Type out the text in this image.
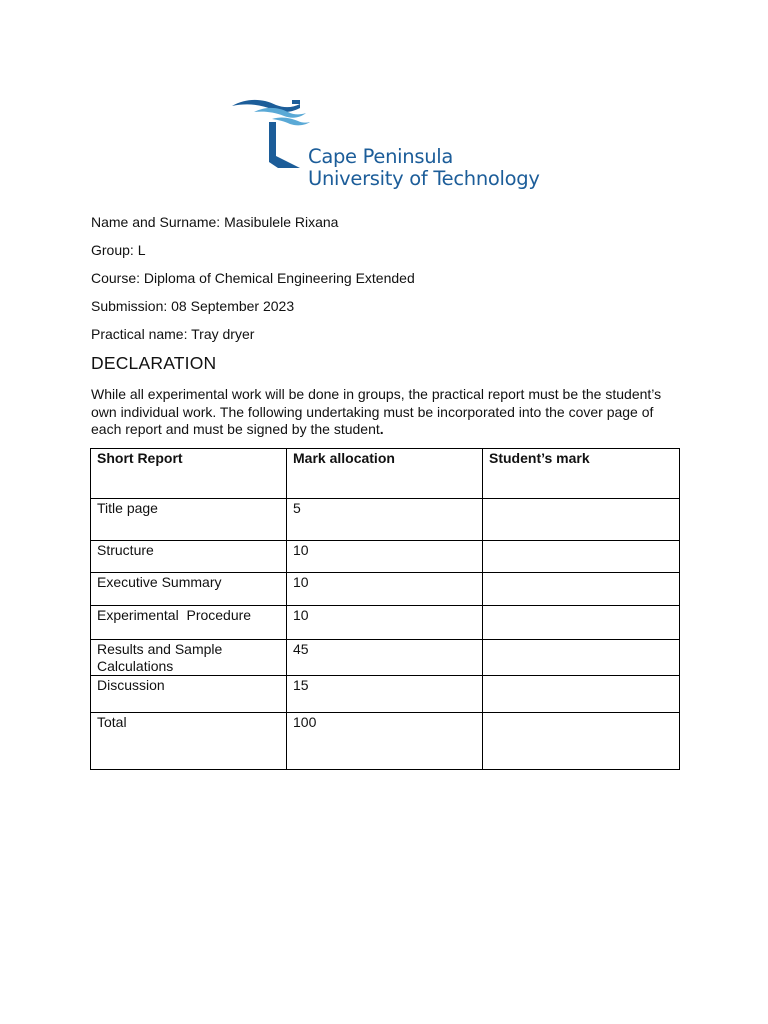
Cape Peninsula
University of Technology
Name and Surname: Masibulele Rixana
Group: L
Course: Diploma of Chemical Engineering Extended
Submission: 08 September 2023
Practical name: Tray dryer
DECLARATION
While all experimental work will be done in groups, the practical report must be the student’s
own individual work. The following undertaking must be incorporated into the cover page of
each report and must be signed by the student.
Short Report	Mark allocation	Student’s mark
Title page	5	
Structure	10	
Executive Summary	10	
Experimental  Procedure	10	
Results and Sample Calculations	45	
Discussion	15	
Total	100	
